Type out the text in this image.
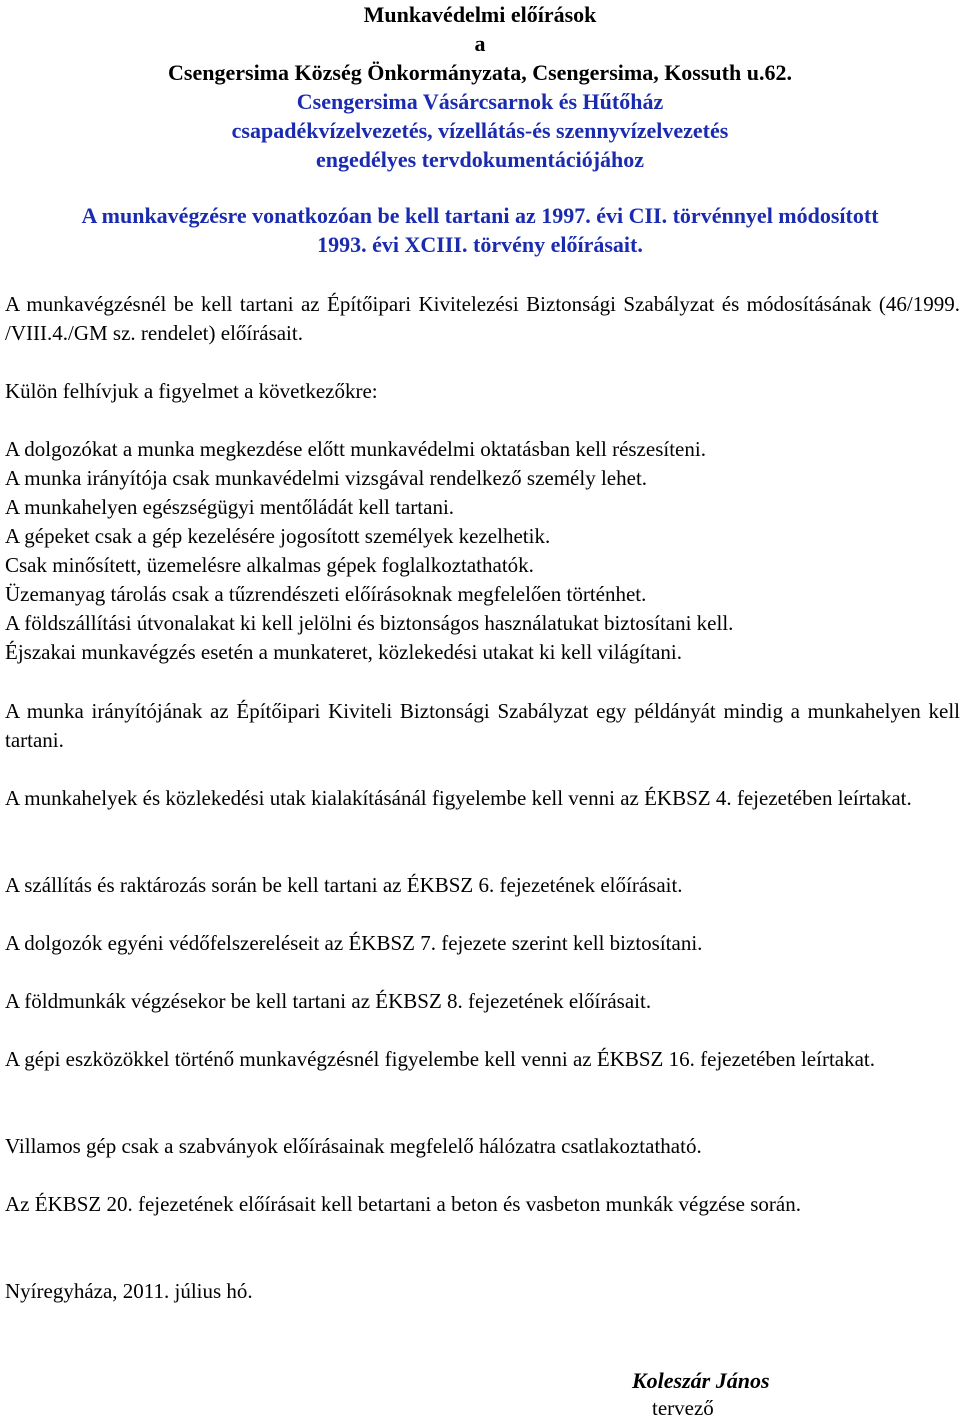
Munkavédelmi előírások
a
Csengersima Község Önkormányzata, Csengersima, Kossuth u.62.
Csengersima Vásárcsarnok és Hűtőház
csapadékvízelvezetés, vízellátás-és szennyvízelvezetés
engedélyes tervdokumentációjához
A munkavégzésre vonatkozóan be kell tartani az 1997. évi CII. törvénnyel módosított
1993. évi XCIII. törvény előírásait.

A munkavégzésnél be kell tartani az Építőipari Kivitelezési Biztonsági Szabályzat és módosításának (46/1999. /VIII.4./GM sz. rendelet) előírásait.

Külön felhívjuk a figyelmet a következőkre:

A dolgozókat a munka megkezdése előtt munkavédelmi oktatásban kell részesíteni.
A munka irányítója csak munkavédelmi vizsgával rendelkező személy lehet.
A munkahelyen egészségügyi mentőládát kell tartani.
A gépeket csak a gép kezelésére jogosított személyek kezelhetik.
Csak minősített, üzemelésre alkalmas gépek foglalkoztathatók.
Üzemanyag tárolás csak a tűzrendészeti előírásoknak megfelelően történhet.
A földszállítási útvonalakat ki kell jelölni és biztonságos használatukat biztosítani kell.
Éjszakai munkavégzés esetén a munkateret, közlekedési utakat ki kell világítani.

A munka irányítójának az Építőipari Kiviteli Biztonsági Szabályzat egy példányát mindig a munkahelyen kell tartani.

A munkahelyek és közlekedési utak kialakításánál figyelembe kell venni az ÉKBSZ 4. fejezetében leírtakat.

A szállítás és raktározás során be kell tartani az ÉKBSZ 6. fejezetének előírásait.

A dolgozók egyéni védőfelszereléseit az ÉKBSZ 7. fejezete szerint kell biztosítani.

A földmunkák végzésekor be kell tartani az ÉKBSZ 8. fejezetének előírásait.

A gépi eszközökkel történő munkavégzésnél figyelembe kell venni az ÉKBSZ 16. fejezetében leírtakat.

Villamos gép csak a szabványok előírásainak megfelelő hálózatra csatlakoztatható.

Az ÉKBSZ 20. fejezetének előírásait kell betartani a beton és vasbeton munkák végzése során.

Nyíregyháza, 2011. július hó.

Koleszár János

tervező
